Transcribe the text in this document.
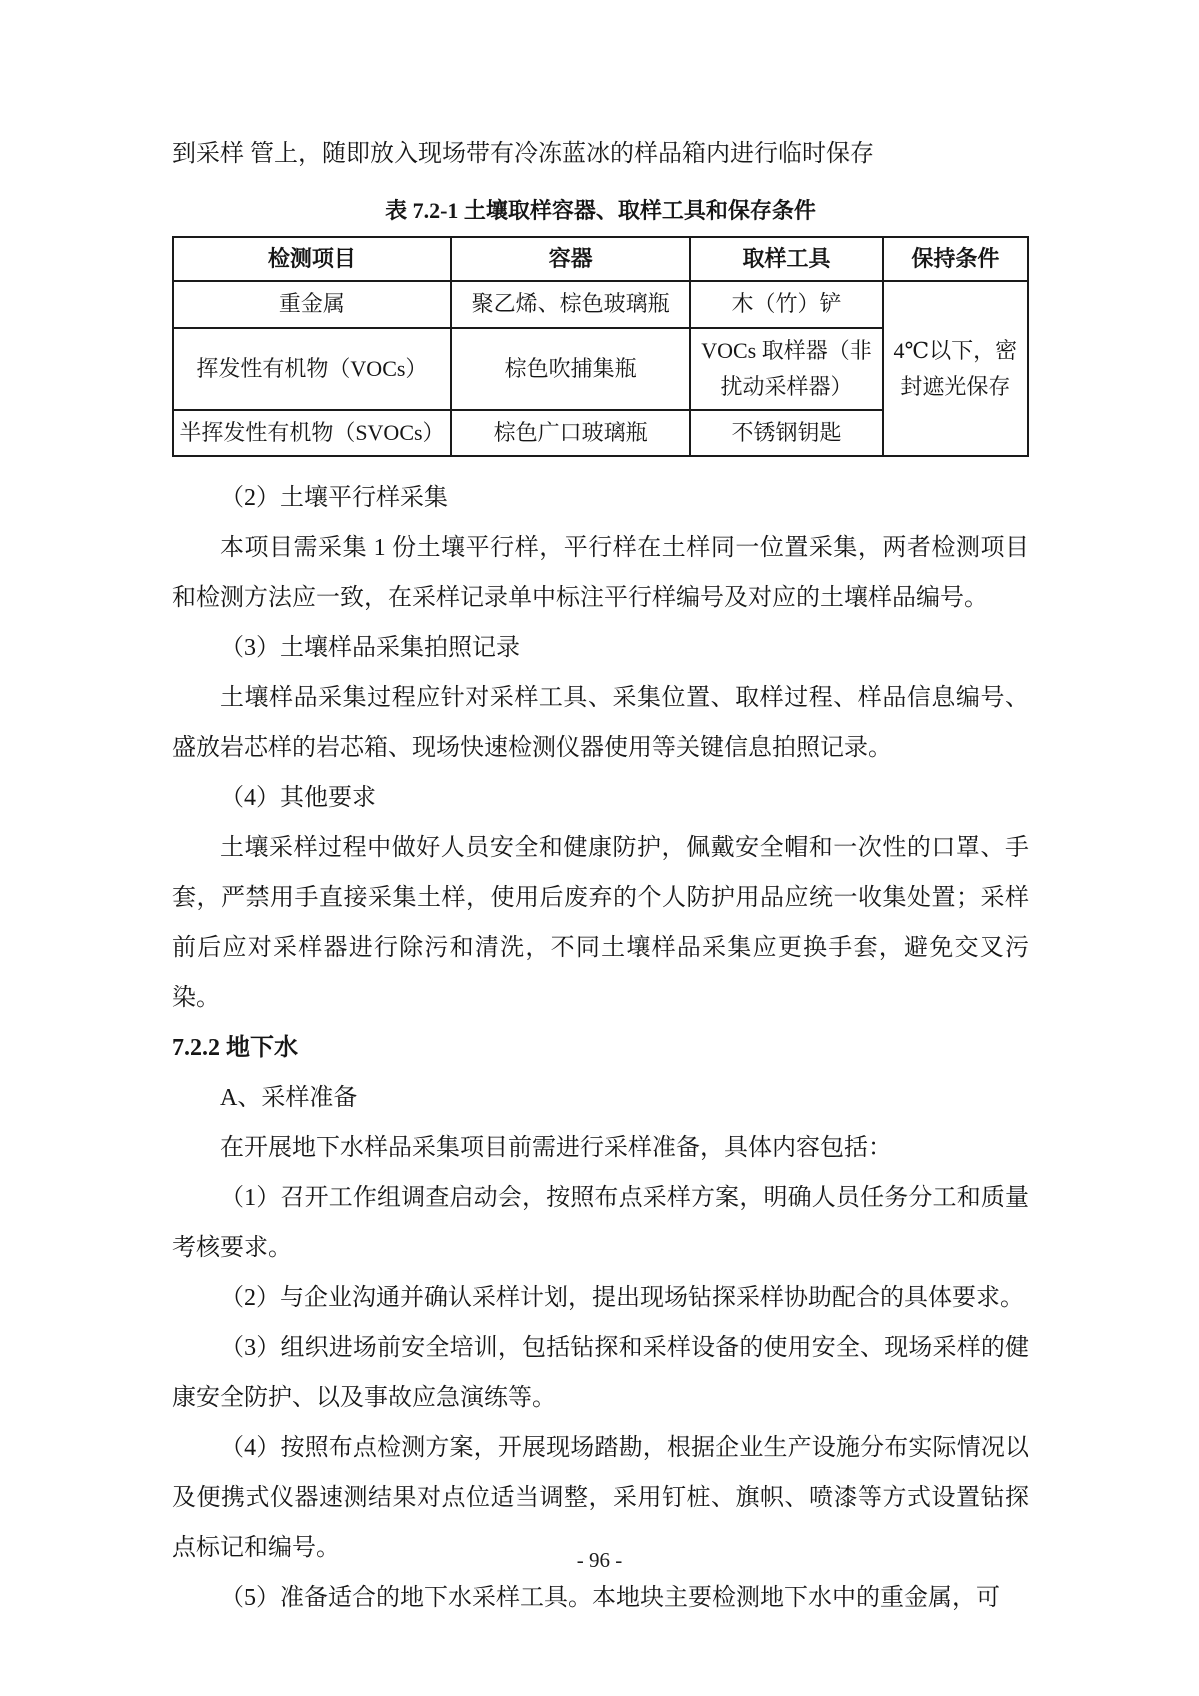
到采样 管上，随即放入现场带有冷冻蓝冰的样品箱内进行临时保存

表 7.2-1 土壤取样容器、取样工具和保存条件
检测项目	容器	取样工具	保持条件
重金属	聚乙烯、棕色玻璃瓶	木（竹）铲	4℃以下，密封遮光保存
挥发性有机物（VOCs）	棕色吹捕集瓶	VOCs 取样器（非扰动采样器）	
半挥发性有机物（SVOCs）	棕色广口玻璃瓶	不锈钢钥匙	

（2）土壤平行样采集

本项目需采集 1 份土壤平行样，平行样在土样同一位置采集，两者检测项目和检测方法应一致，在采样记录单中标注平行样编号及对应的土壤样品编号。

（3）土壤样品采集拍照记录

土壤样品采集过程应针对采样工具、采集位置、取样过程、样品信息编号、盛放岩芯样的岩芯箱、现场快速检测仪器使用等关键信息拍照记录。

（4）其他要求

土壤采样过程中做好人员安全和健康防护，佩戴安全帽和一次性的口罩、手套，严禁用手直接采集土样，使用后废弃的个人防护用品应统一收集处置；采样前后应对采样器进行除污和清洗，不同土壤样品采集应更换手套，避免交叉污染。

7.2.2 地下水

A、采样准备

在开展地下水样品采集项目前需进行采样准备，具体内容包括：

（1）召开工作组调查启动会，按照布点采样方案，明确人员任务分工和质量考核要求。

（2）与企业沟通并确认采样计划，提出现场钻探采样协助配合的具体要求。

（3）组织进场前安全培训，包括钻探和采样设备的使用安全、现场采样的健康安全防护、以及事故应急演练等。

（4）按照布点检测方案，开展现场踏勘，根据企业生产设施分布实际情况以及便携式仪器速测结果对点位适当调整，采用钉桩、旗帜、喷漆等方式设置钻探点标记和编号。

（5）准备适合的地下水采样工具。本地块主要检测地下水中的重金属，可

- 96 -
